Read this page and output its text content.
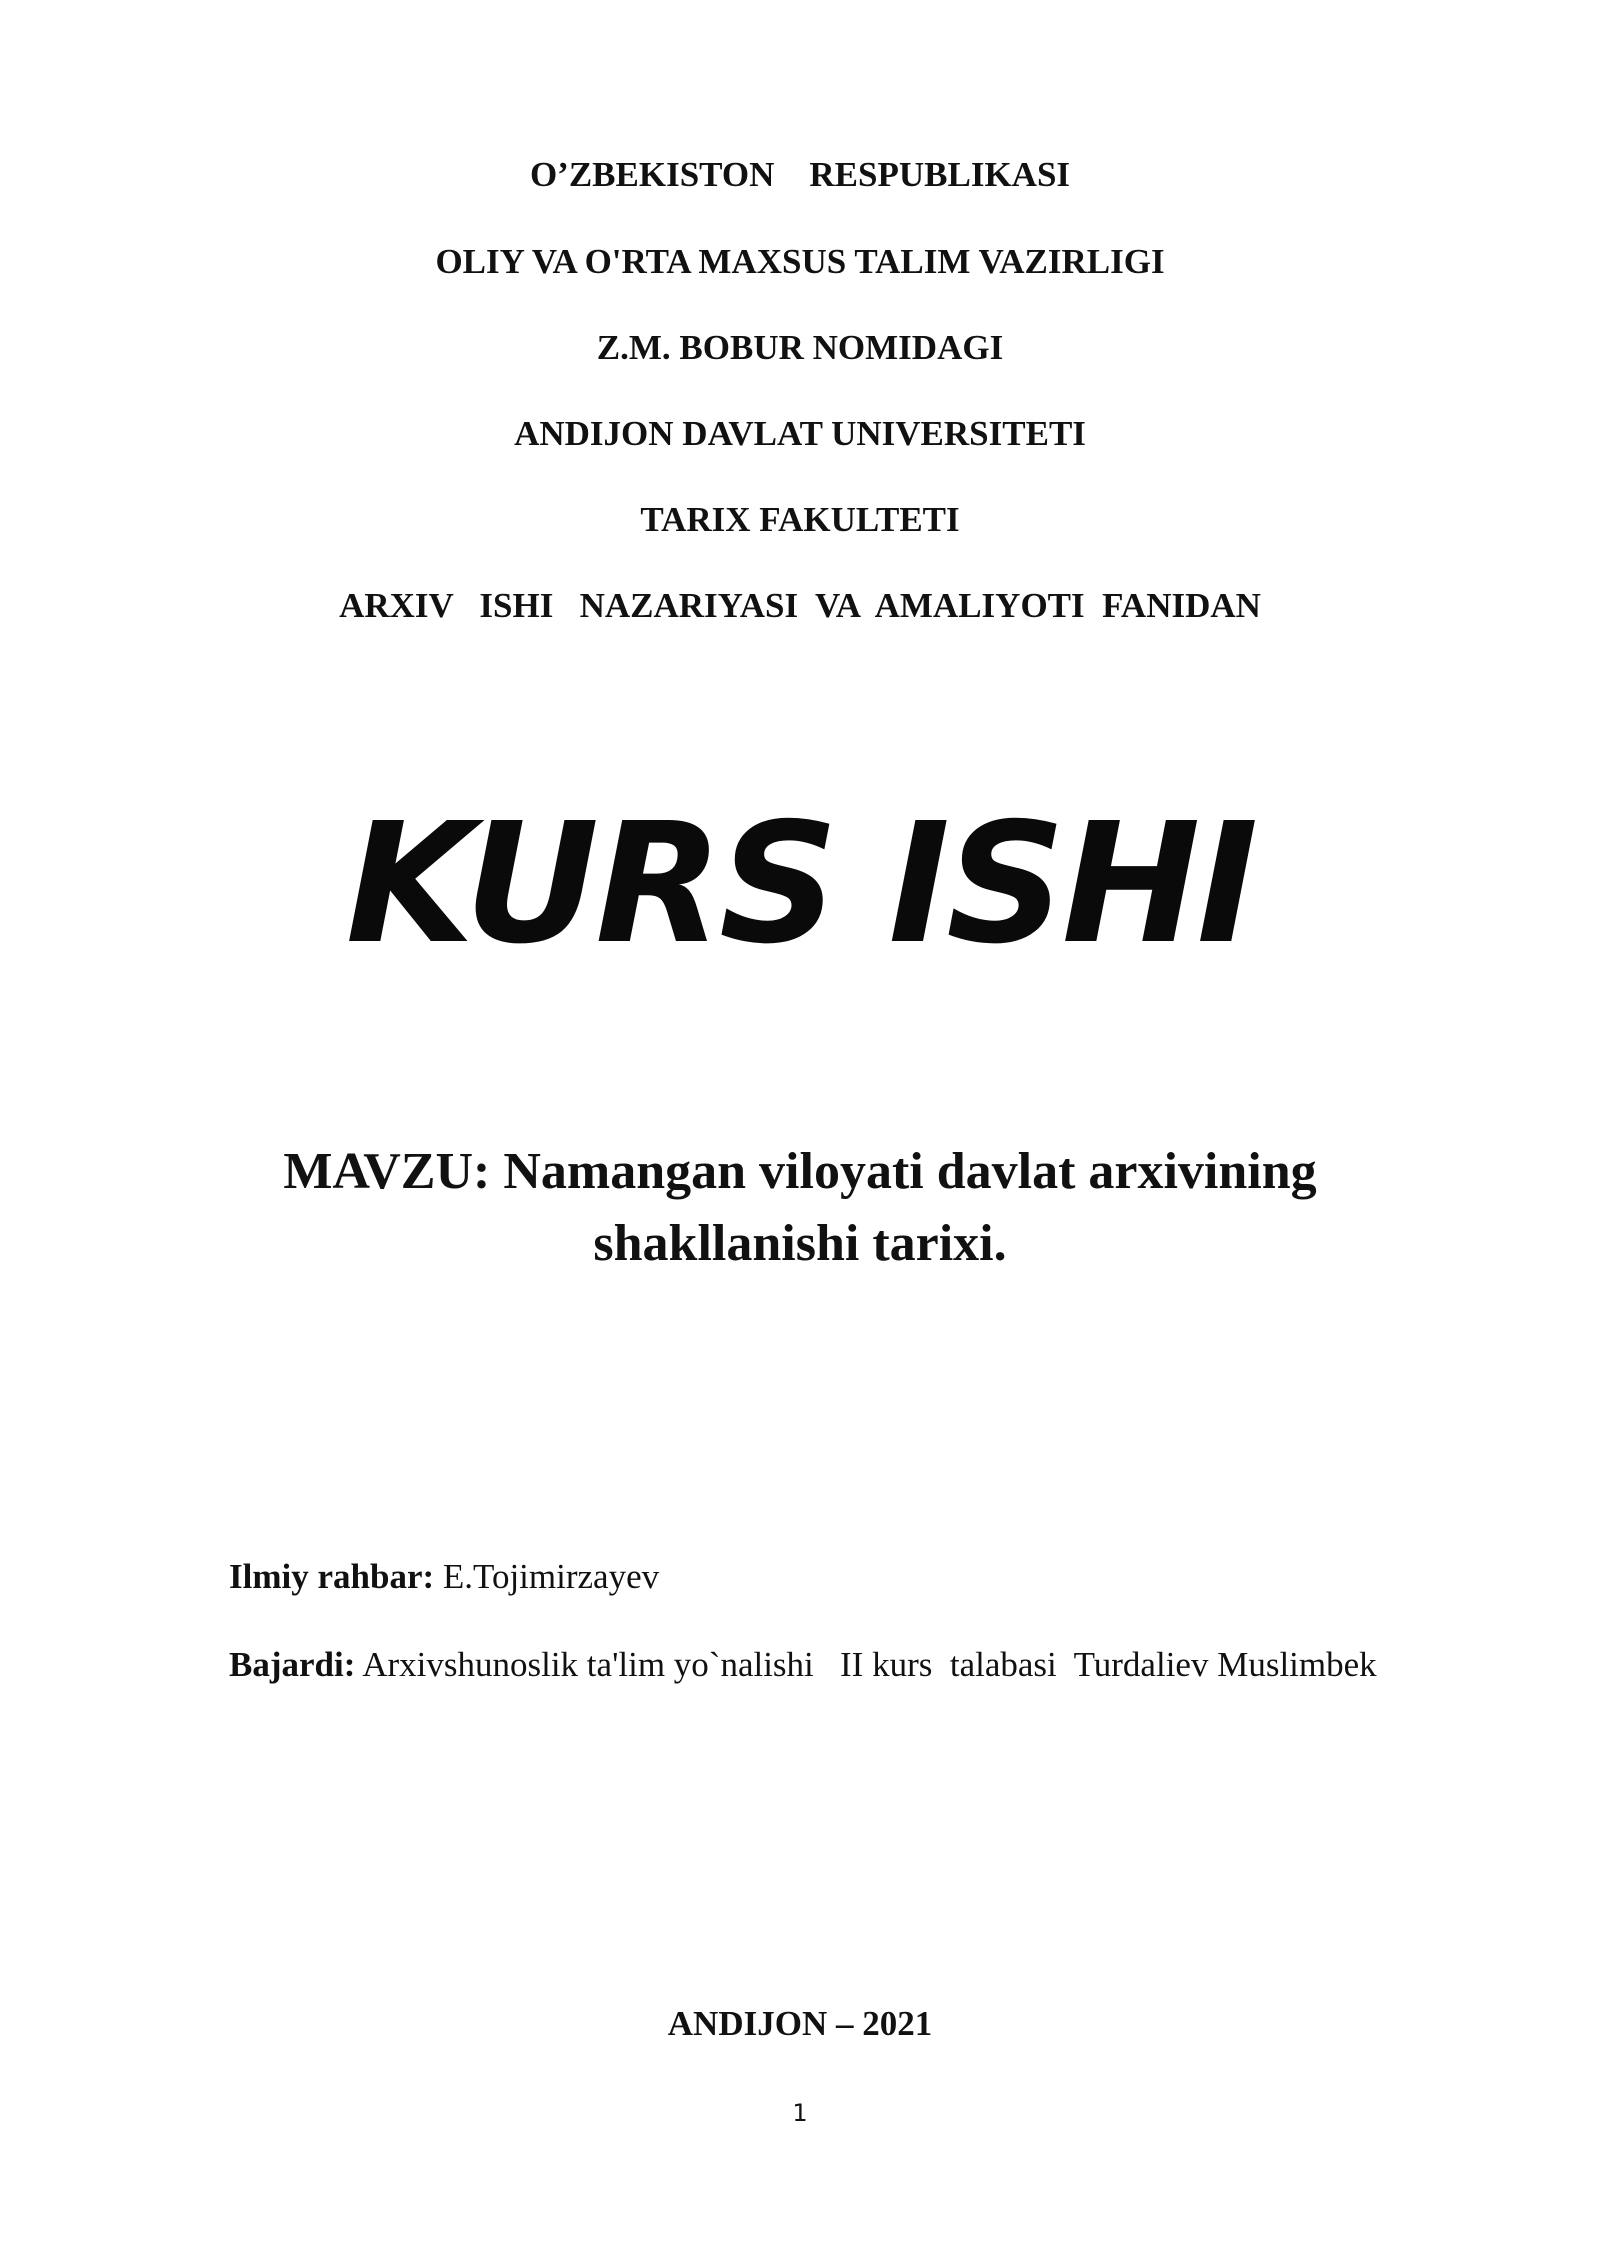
O’ZBEKISTON    RESPUBLIKASI
OLIY VA O'RTA MAXSUS TALIM VAZIRLIGI
Z.M. BOBUR NOMIDAGI
ANDIJON DAVLAT UNIVERSITETI
TARIX FAKULTETI
ARXIV   ISHI   NAZARIYASI  VA  AMALIYOTI  FANIDAN
KURS ISHI
MAVZU: Namangan viloyati davlat arxivining
shakllanishi tarixi.
Ilmiy rahbar: E.Tojimirzayev
Bajardi: Arxivshunoslik ta'lim yo`nalishi   II kurs  talabasi  Turdaliev Muslimbek
ANDIJON – 2021
1
